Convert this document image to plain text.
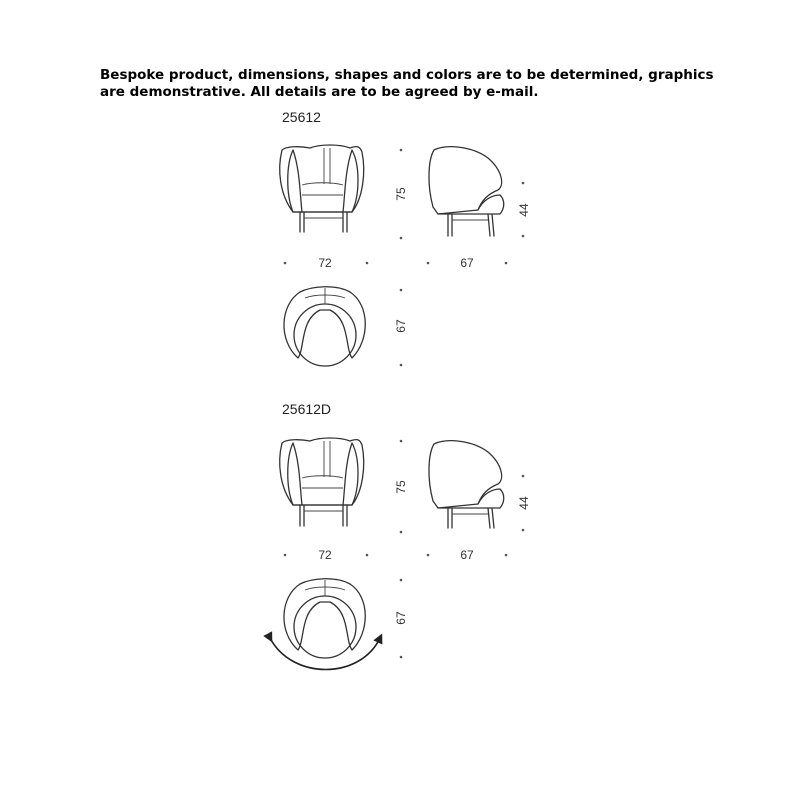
Bespoke product, dimensions, shapes and colors are to be determined, graphics
are demonstrative. All details are to be agreed by e-mail.

25612
72	67
75
44
67
25612D
72	67
75
44
67
